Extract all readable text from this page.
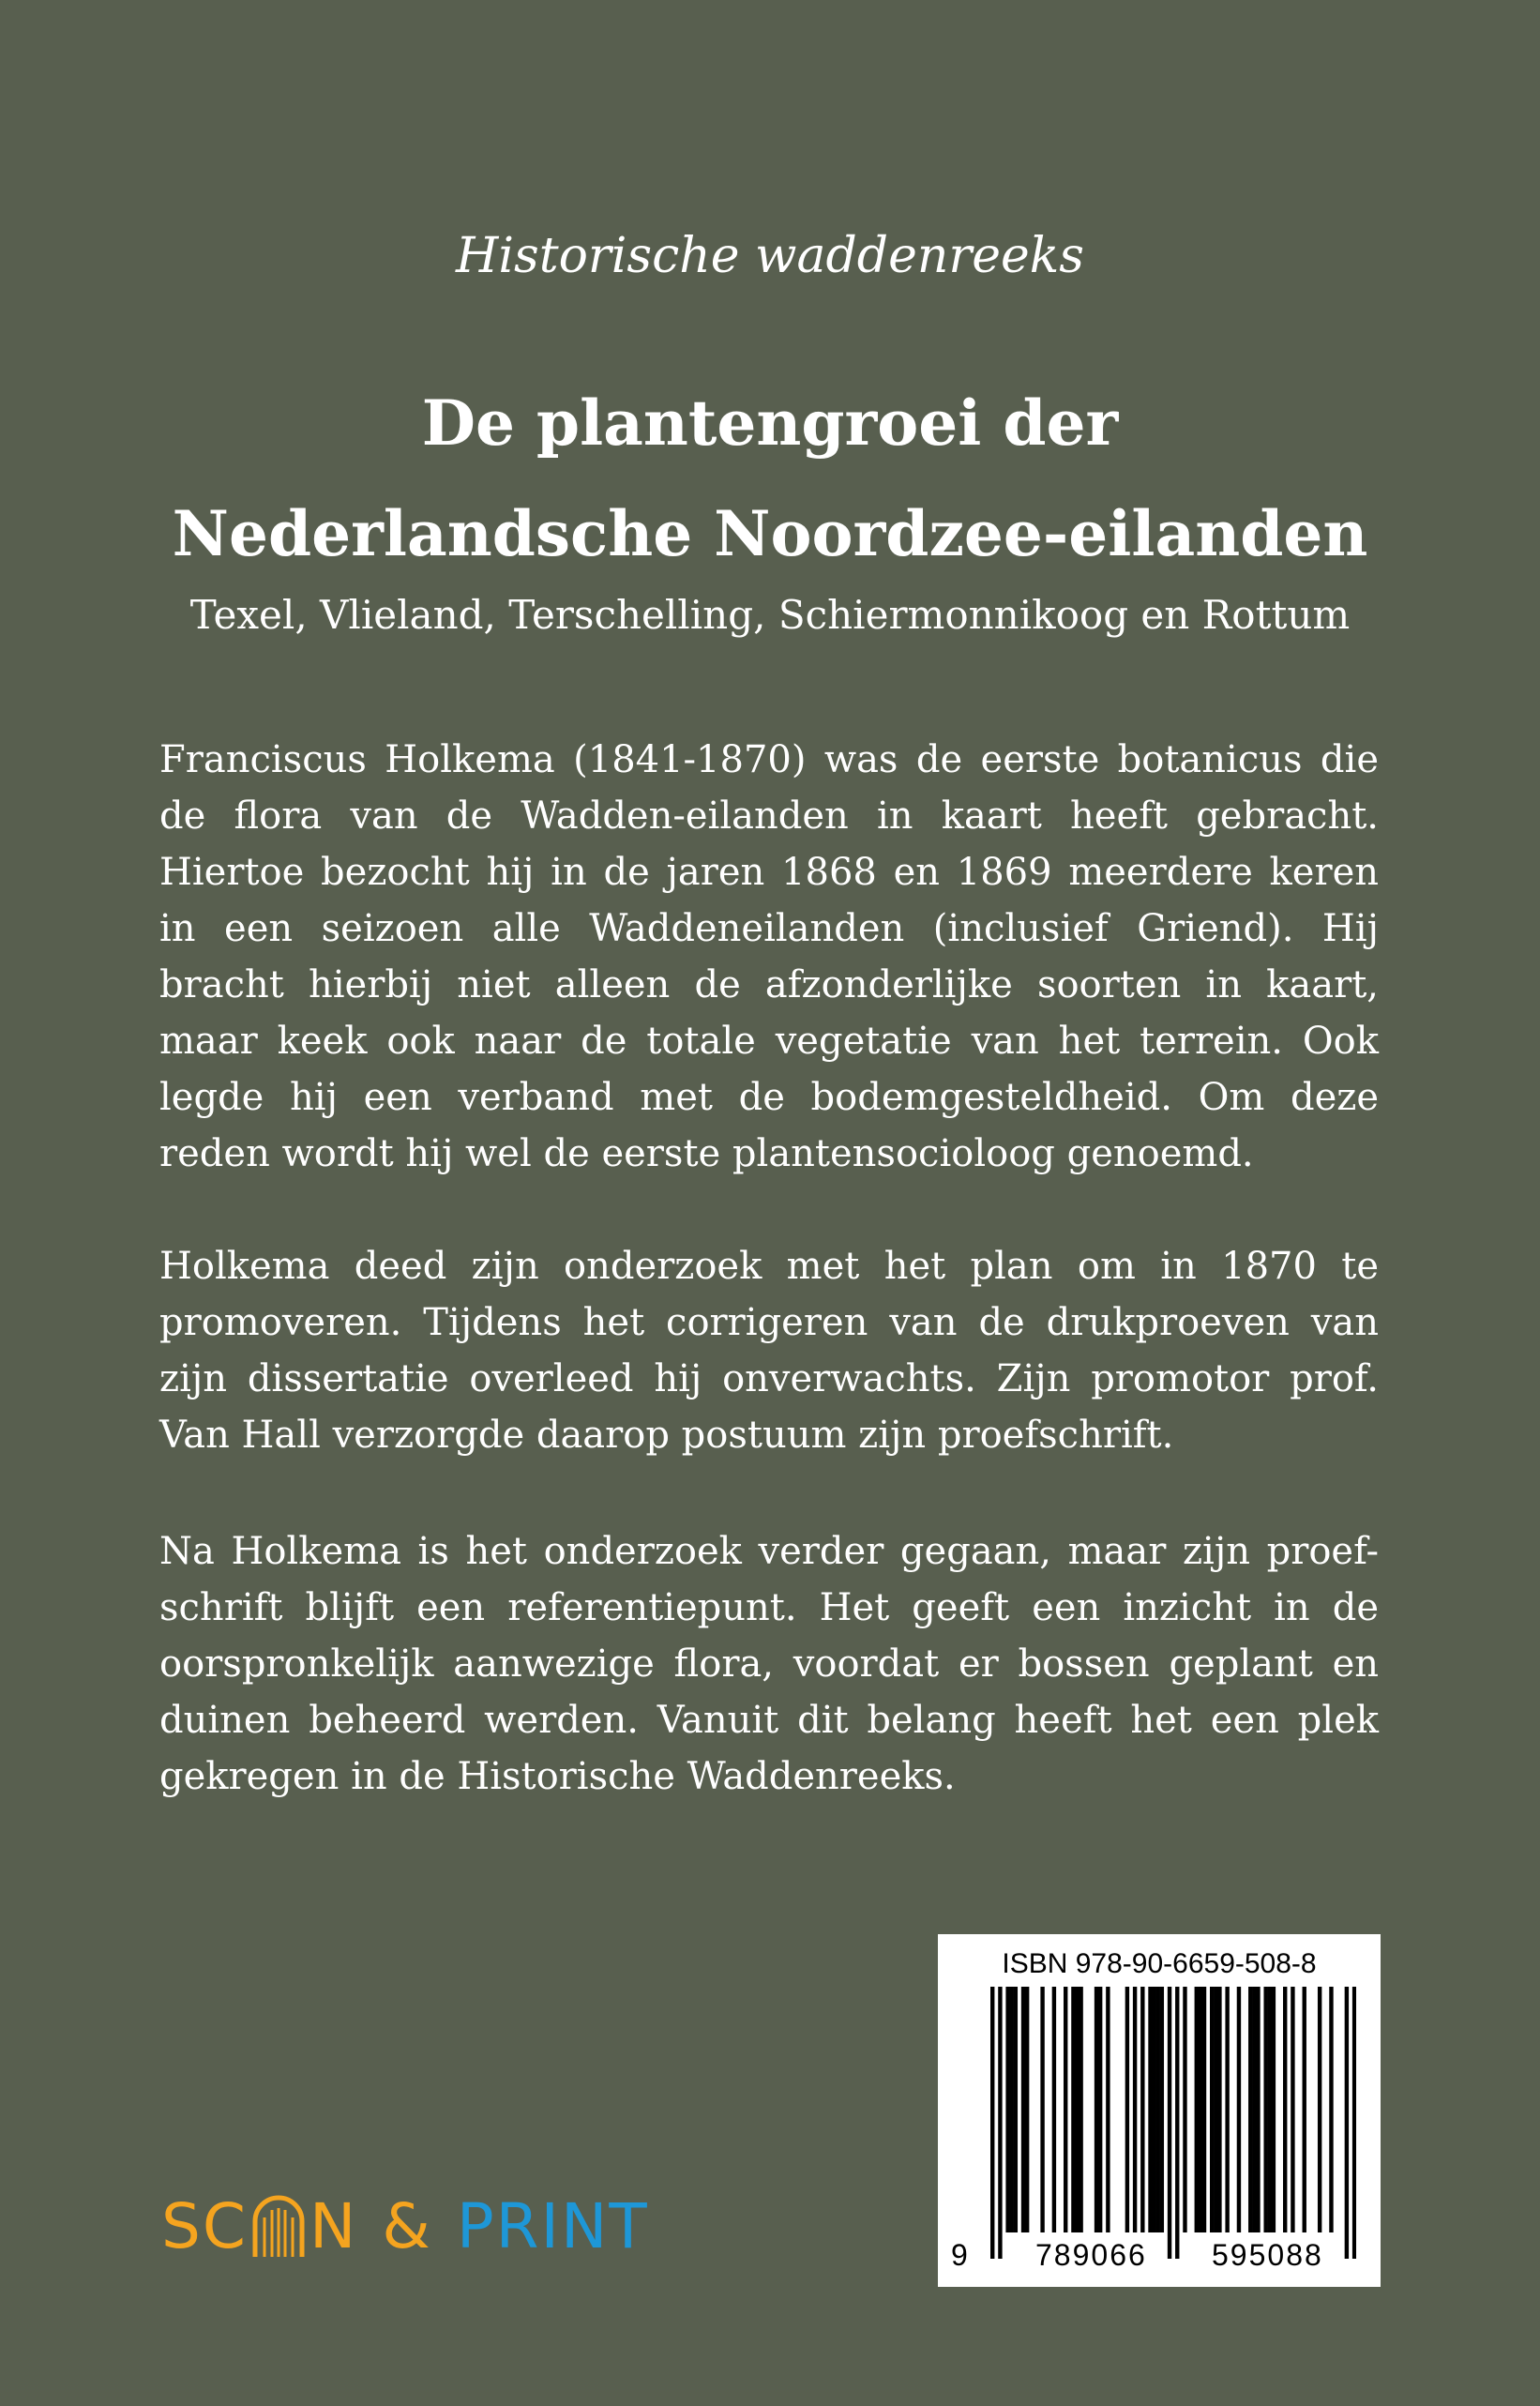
Historische waddenreeks
De plantengroei der
Nederlandsche Noordzee-eilanden
Texel, Vlieland, Terschelling, Schiermonnikoog en Rottum
Franciscus Holkema (1841-1870) was de eerste botanicus die
de flora van de Wadden-eilanden in kaart heeft gebracht.
Hiertoe bezocht hij in de jaren 1868 en 1869 meerdere keren
in een seizoen alle Waddeneilanden (inclusief Griend). Hij
bracht hierbij niet alleen de afzonderlijke soorten in kaart,
maar keek ook naar de totale vegetatie van het terrein. Ook
legde hij een verband met de bodemgesteldheid. Om deze
reden wordt hij wel de eerste plantensocioloog genoemd.
Holkema deed zijn onderzoek met het plan om in 1870 te
promoveren. Tijdens het corrigeren van de drukproeven van
zijn dissertatie overleed hij onverwachts. Zijn promotor prof.
Van Hall verzorgde daarop postuum zijn proefschrift.
Na Holkema is het onderzoek verder gegaan, maar zijn proef-
schrift blijft een referentiepunt. Het geeft een inzicht in de
oorspronkelijk aanwezige flora, voordat er bossen geplant en
duinen beheerd werden. Vanuit dit belang heeft het een plek
gekregen in de Historische Waddenreeks.
SC N & PRINT
ISBN 978-90-6659-508-8
9 789066 595088
